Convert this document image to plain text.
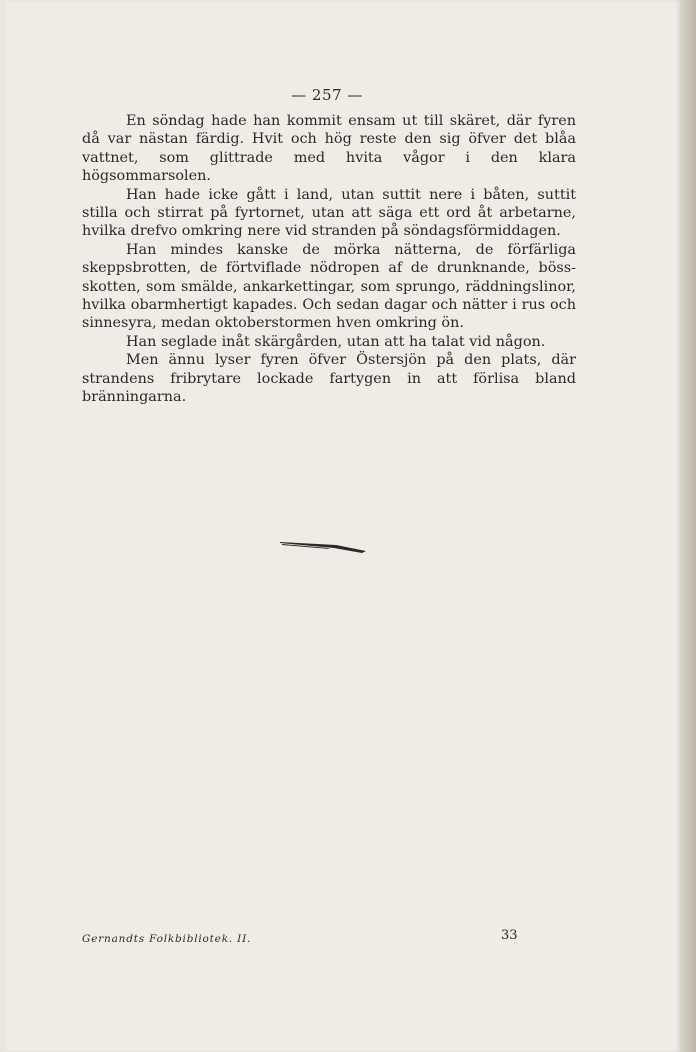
— 257 —

En söndag hade han kommit ensam ut till skäret, där fyren då var nästan färdig. Hvit och hög reste den sig öfver det blåa vattnet, som glittrade med hvita vågor i den klara högsommarsolen.

Han hade icke gått i land, utan suttit nere i båten, suttit stilla och stirrat på fyrtornet, utan att säga ett ord åt arbetarne, hvilka drefvo omkring nere vid stranden på söndagsförmiddagen.

Han mindes kanske de mörka nätterna, de förfärliga skeppsbrotten, de förtviflade nödropen af de drunknande, böss-skotten, som smälde, ankarkettingar, som sprungo, räddningslinor, hvilka obarmhertigt kapades. Och sedan dagar och nätter i rus och sinnesyra, medan oktoberstormen hven omkring ön.

Han seglade inåt skärgården, utan att ha talat vid någon.

Men ännu lyser fyren öfver Östersjön på den plats, där strandens fribrytare lockade fartygen in att förlisa bland bränningarna.

Gernandts Folkbibliotek. II.	33
